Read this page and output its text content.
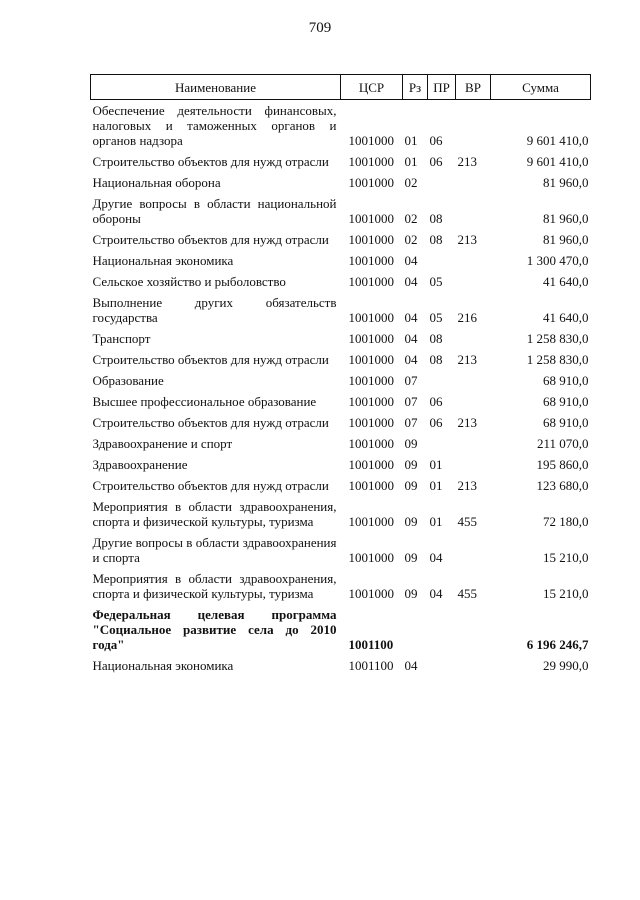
709
Наименование	ЦСР	Рз	ПР	ВР	Сумма
Обеспечение деятельности финансовых, налоговых и таможенных органов и органов надзора	1001000	01	06		9 601 410,0
Строительство объектов для нужд отрасли	1001000	01	06	213	9 601 410,0
Национальная оборона	1001000	02			81 960,0
Другие вопросы в области национальной обороны	1001000	02	08		81 960,0
Строительство объектов для нужд отрасли	1001000	02	08	213	81 960,0
Национальная экономика	1001000	04			1 300 470,0
Сельское хозяйство и рыболовство	1001000	04	05		41 640,0
Выполнение других обязательств государства	1001000	04	05	216	41 640,0
Транспорт	1001000	04	08		1 258 830,0
Строительство объектов для нужд отрасли	1001000	04	08	213	1 258 830,0
Образование	1001000	07			68 910,0
Высшее профессиональное образование	1001000	07	06		68 910,0
Строительство объектов для нужд отрасли	1001000	07	06	213	68 910,0
Здравоохранение и спорт	1001000	09			211 070,0
Здравоохранение	1001000	09	01		195 860,0
Строительство объектов для нужд отрасли	1001000	09	01	213	123 680,0
Мероприятия в области здравоохранения, спорта и физической культуры, туризма	1001000	09	01	455	72 180,0
Другие вопросы в области здравоохранения и спорта	1001000	09	04		15 210,0
Мероприятия в области здравоохранения, спорта и физической культуры, туризма	1001000	09	04	455	15 210,0
Федеральная целевая программа "Социальное развитие села до 2010 года"	1001100				6 196 246,7
Национальная экономика	1001100	04			29 990,0
